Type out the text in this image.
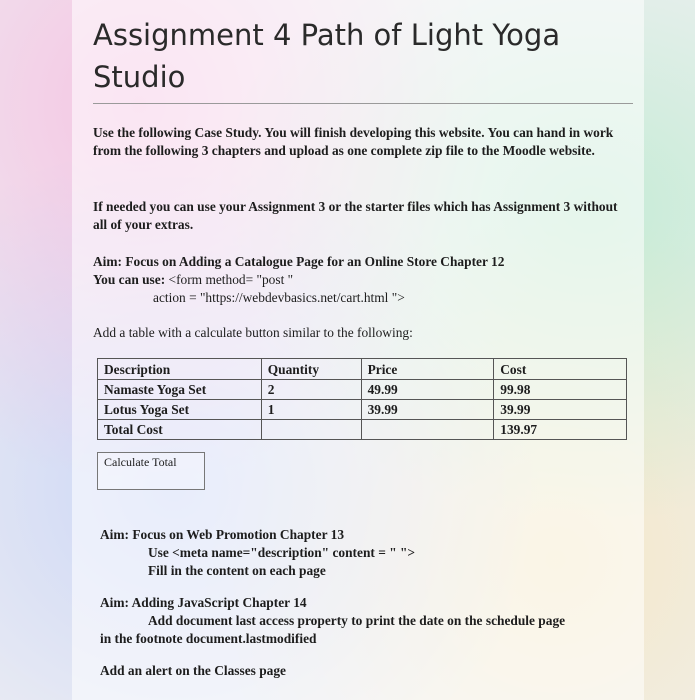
Assignment 4 Path of Light Yoga Studio
Use the following Case Study. You will finish developing this website. You can hand in work from the following 3 chapters and upload as one complete zip file to the Moodle website.
If needed you can use your Assignment 3 or the starter files which has Assignment 3 without all of your extras.
Aim: Focus on Adding a Catalogue Page for an Online Store Chapter 12
You can use: <form method= "post "
action = "https://webdevbasics.net/cart.html ">
Add a table with a calculate button similar to the following:
Description	Quantity	Price	Cost
Namaste Yoga Set	2	49.99	99.98
Lotus Yoga Set	1	39.99	39.99
Total Cost			139.97
Calculate Total
Aim: Focus on Web Promotion Chapter 13
Use <meta name="description" content = " ">
Fill in the content on each page
Aim: Adding JavaScript Chapter 14
Add document last access property to print the date on the schedule page
in the footnote document.lastmodified
Add an alert on the Classes page
